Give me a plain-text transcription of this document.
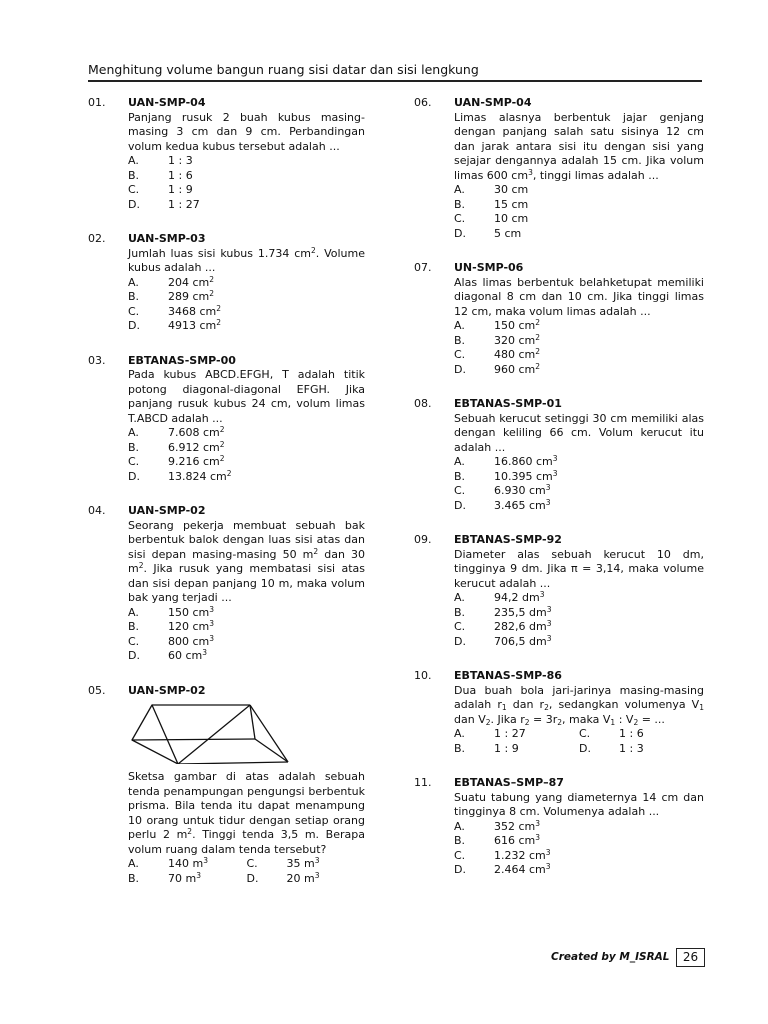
Menghitung volume bangun ruang sisi datar dan sisi lengkung
01. UAN-SMP-04
Panjang rusuk 2 buah kubus masing-masing 3 cm dan 9 cm. Perbandingan volum kedua kubus tersebut adalah ...
A.	1 : 3
B.	1 : 6
C.	1 : 9
D.	1 : 27
02. UAN-SMP-03
Jumlah luas sisi kubus 1.734 $cm^2$. Volume kubus adalah ...
A.	204 $cm^2$
B.	289 $cm^2$
C.	3468 $cm^2$
D.	4913 $cm^2$
03. EBTANAS-SMP-00
Pada kubus ABCD.EFGH, T adalah titik potong diagonal-diagonal EFGH. Jika panjang rusuk kubus 24 cm, volum limas T.ABCD adalah ...
A.	7.608 $cm^2$
B.	6.912 $cm^2$
C.	9.216 $cm^2$
D.	13.824 $cm^2$
04. UAN-SMP-02
Seorang pekerja membuat sebuah bak berbentuk balok dengan luas sisi atas dan sisi depan masing-masing 50 $m^2$ dan 30 $m^2$. Jika rusuk yang membatasi sisi atas dan sisi depan panjang 10 m, maka volum bak yang terjadi ...
A.	150 $cm^3$
B.	120 $cm^3$
C.	800 $cm^3$
D.	60 $cm^3$
05. UAN-SMP-02
Sketsa gambar di atas adalah sebuah tenda penampungan pengungsi berbentuk prisma. Bila tenda itu dapat menampung 10 orang untuk tidur dengan setiap orang perlu 2 $m^2$. Tinggi tenda 3,5 m. Berapa volum ruang dalam tenda tersebut?
A.	140 $m^3$	C.	35 $m^3$
B.	70 $m^3$	D.	20 $m^3$
06. UAN-SMP-04
Limas alasnya berbentuk jajar genjang dengan panjang salah satu sisinya 12 cm dan jarak antara sisi itu dengan sisi yang sejajar dengannya adalah 15 cm. Jika volum limas 600 $cm^3$, tinggi limas adalah ...
A.	30 cm
B.	15 cm
C.	10 cm
D.	5 cm
07. UN-SMP-06
Alas limas berbentuk belahketupat memiliki diagonal 8 cm dan 10 cm. Jika tinggi limas 12 cm, maka volum limas adalah ...
A.	150 $cm^2$
B.	320 $cm^2$
C.	480 $cm^2$
D.	960 $cm^2$
08. EBTANAS-SMP-01
Sebuah kerucut setinggi 30 cm memiliki alas dengan keliling 66 cm. Volum kerucut itu adalah ...
A.	16.860 $cm^3$
B.	10.395 $cm^3$
C.	6.930 $cm^3$
D.	3.465 $cm^3$
09. EBTANAS-SMP-92
Diameter alas sebuah kerucut 10 dm, tingginya 9 dm. Jika π = 3,14, maka volume kerucut adalah ...
A.	94,2 $dm^3$
B.	235,5 $dm^3$
C.	282,6 $dm^3$
D.	706,5 $dm^3$
10. EBTANAS-SMP-86
Dua buah bola jari-jarinya masing-masing adalah $r_1$ dan $r_2$, sedangkan volumenya $V_1$ dan $V_2$. Jika $r_2 = 3r_2$, maka $V_1$ : $V_2$ = ...
A.	1 : 27	C.	1 : 6
B.	1 : 9	D.	1 : 3
11. EBTANAS–SMP–87
Suatu tabung yang diameternya 14 cm dan tingginya 8 cm. Volumenya adalah ...
A.	352 $cm^3$
B.	616 $cm^3$
C.	1.232 $cm^3$
D.	2.464 $cm^3$
Created by M_ISRAL	26
